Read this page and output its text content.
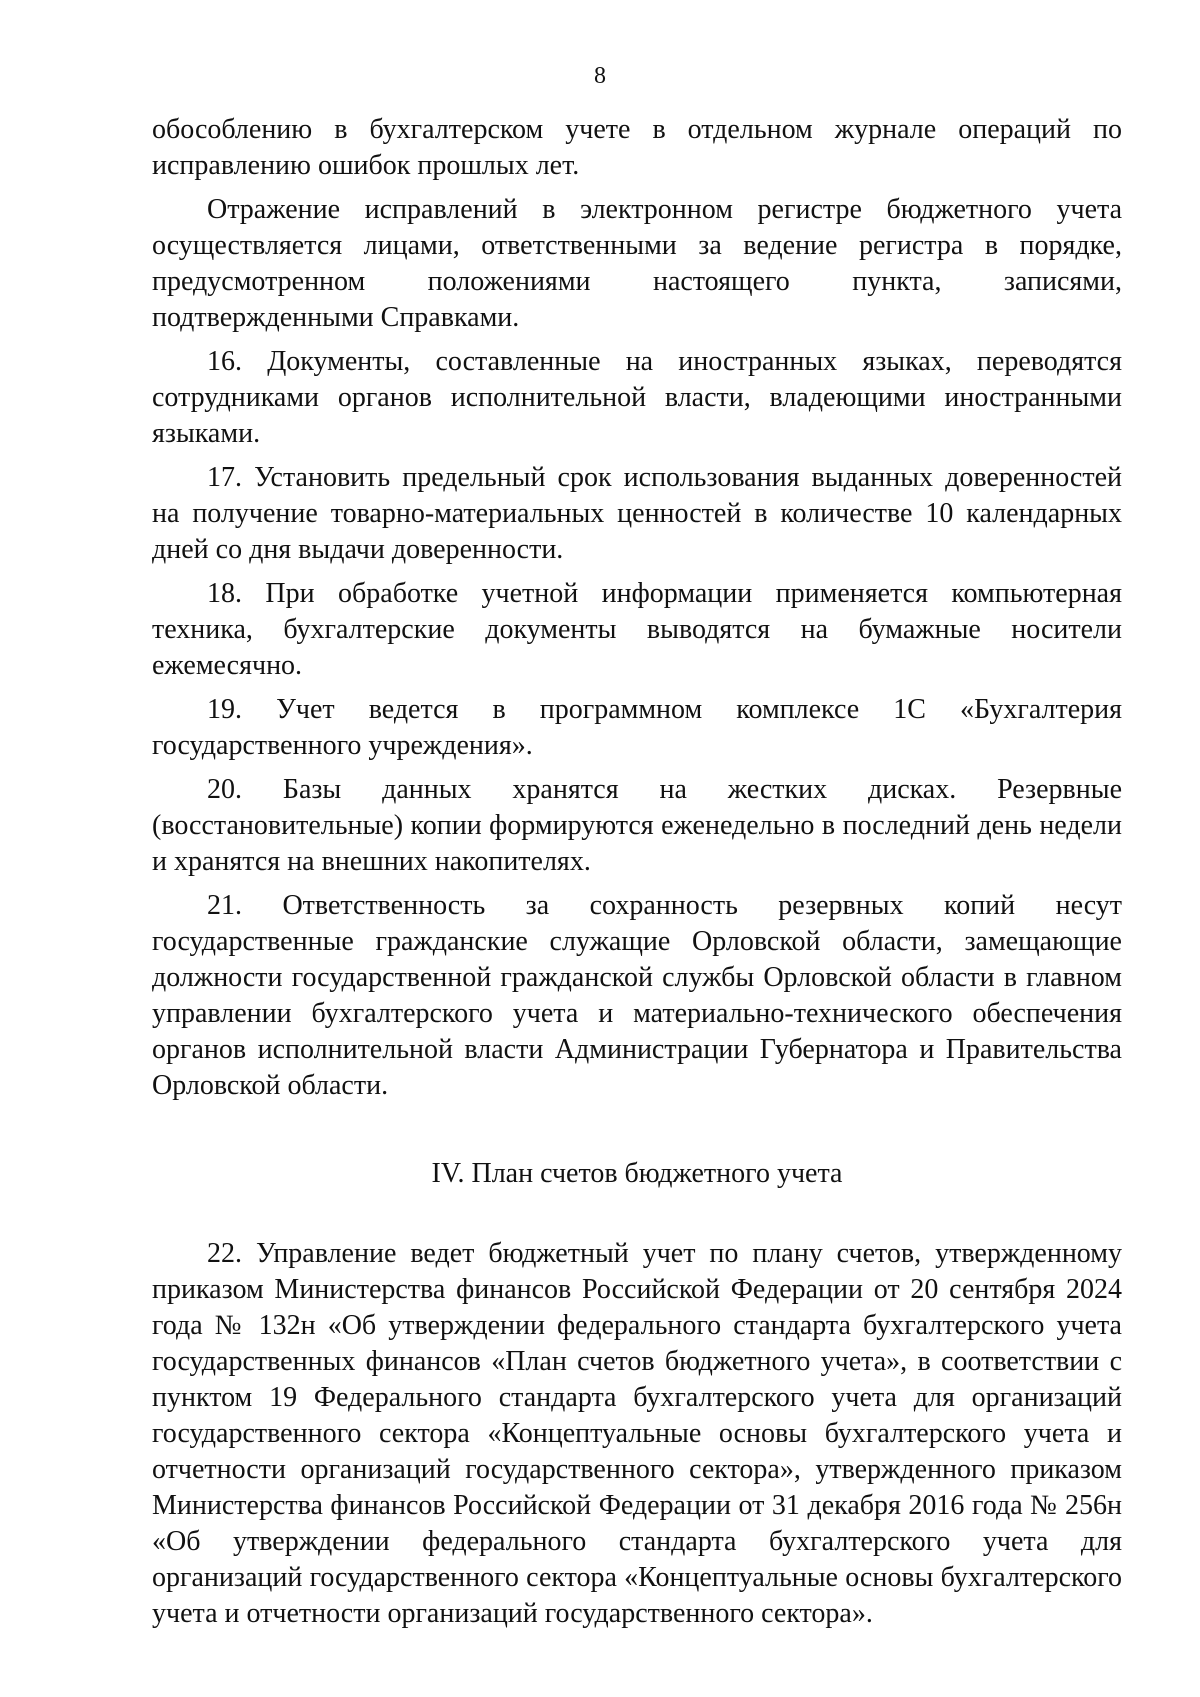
8

обособлению в бухгалтерском учете в отдельном журнале операций по исправлению ошибок прошлых лет.

Отражение исправлений в электронном регистре бюджетного учета осуществляется лицами, ответственными за ведение регистра в порядке, предусмотренном положениями настоящего пункта, записями, подтвержденными Справками.

16. Документы, составленные на иностранных языках, переводятся сотрудниками органов исполнительной власти, владеющими иностранными языками.

17. Установить предельный срок использования выданных доверенностей на получение товарно-материальных ценностей в количестве 10 календарных дней со дня выдачи доверенности.

18. При обработке учетной информации применяется компьютерная техника, бухгалтерские документы выводятся на бумажные носители ежемесячно.

19. Учет ведется в программном комплексе 1С «Бухгалтерия государственного учреждения».

20. Базы данных хранятся на жестких дисках. Резервные (восстановительные) копии формируются еженедельно в последний день недели и хранятся на внешних накопителях.

21. Ответственность за сохранность резервных копий несут государственные гражданские служащие Орловской области, замещающие должности государственной гражданской службы Орловской области в главном управлении бухгалтерского учета и материально-технического обеспечения органов исполнительной власти Администрации Губернатора и Правительства Орловской области.

IV. План счетов бюджетного учета

22. Управление ведет бюджетный учет по плану счетов, утвержденному приказом Министерства финансов Российской Федерации от 20 сентября 2024 года № 132н «Об утверждении федерального стандарта бухгалтерского учета государственных финансов «План счетов бюджетного учета», в соответствии с пунктом 19 Федерального стандарта бухгалтерского учета для организаций государственного сектора «Концептуальные основы бухгалтерского учета и отчетности организаций государственного сектора», утвержденного приказом Министерства финансов Российской Федерации от 31 декабря 2016 года № 256н «Об утверждении федерального стандарта бухгалтерского учета для организаций государственного сектора «Концептуальные основы бухгалтерского учета и отчетности организаций государственного сектора».
